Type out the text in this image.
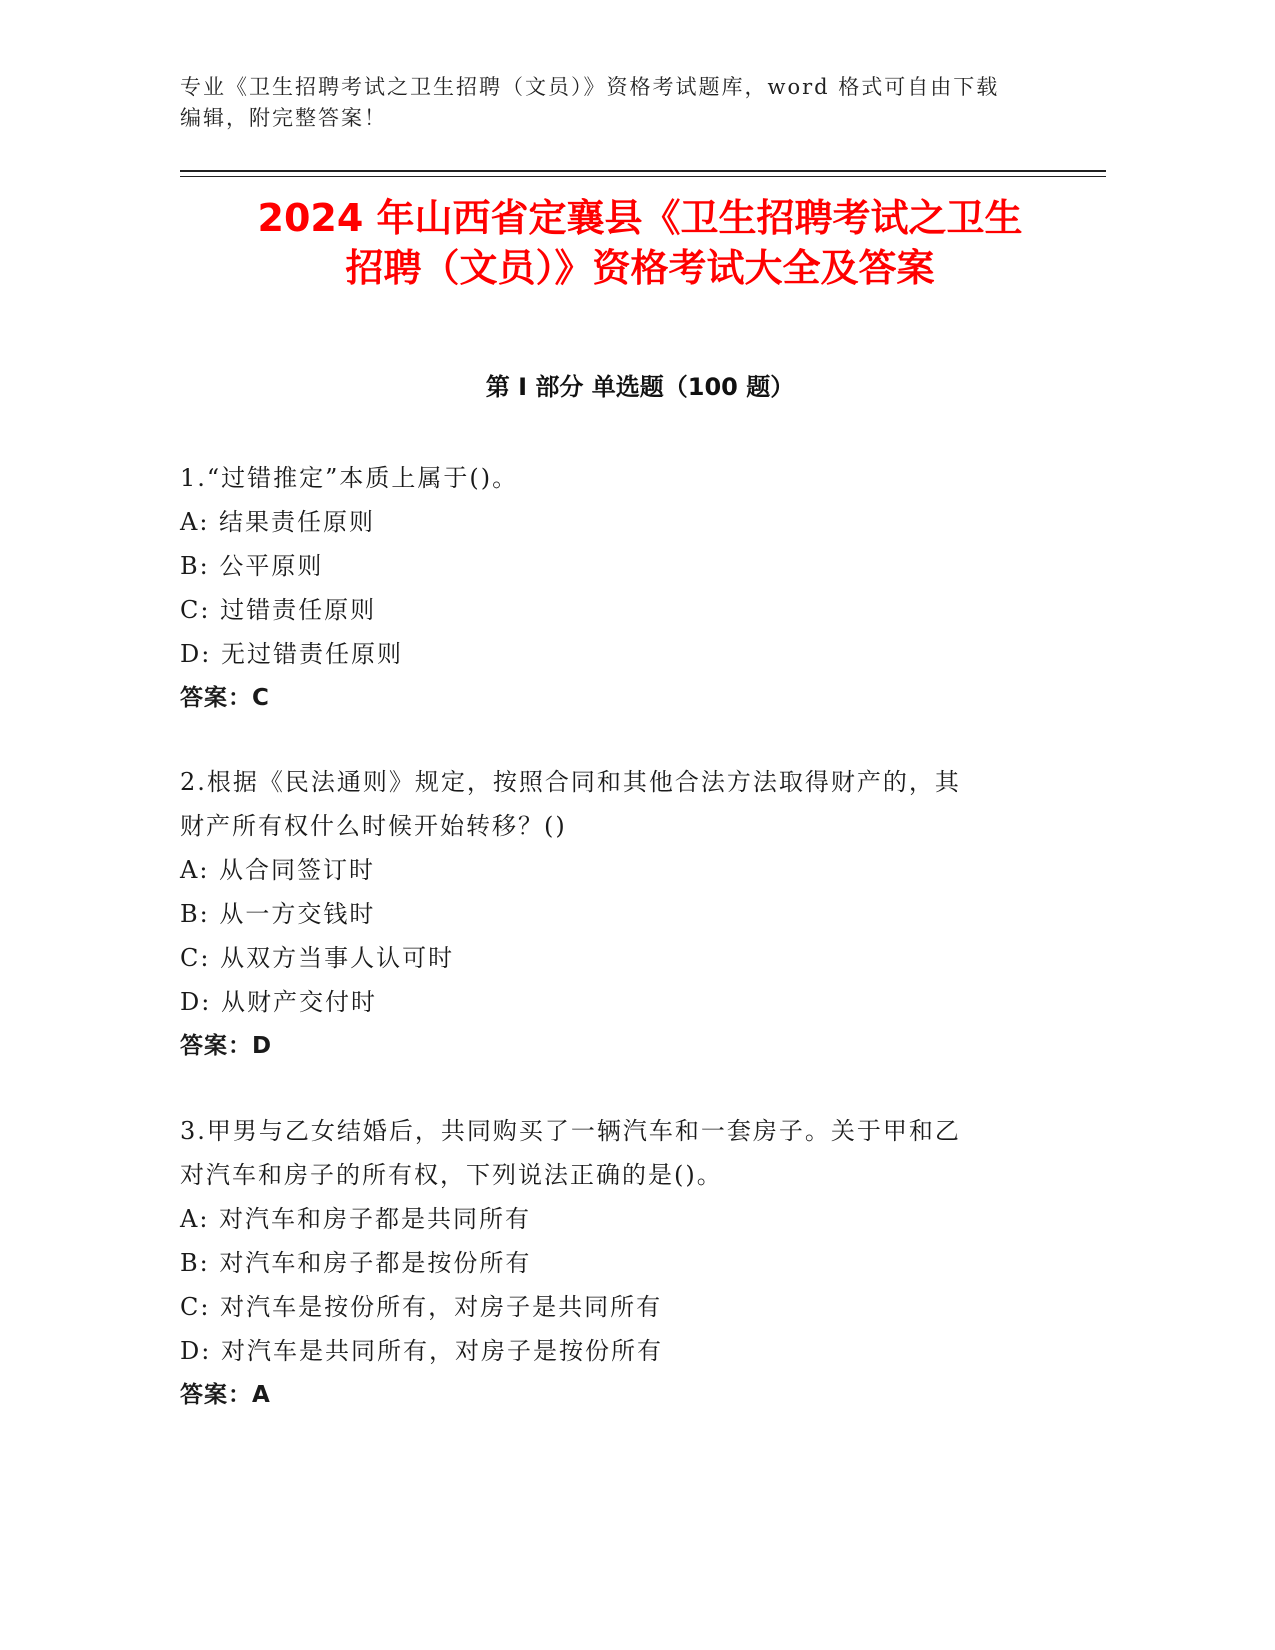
专业《卫生招聘考试之卫生招聘（文员）》资格考试题库，word 格式可自由下载
编辑，附完整答案！
2024 年山西省定襄县《卫生招聘考试之卫生
招聘（文员）》资格考试大全及答案
第 I 部分 单选题（100 题）
1.“过错推定”本质上属于()。
A: 结果责任原则
B: 公平原则
C: 过错责任原则
D: 无过错责任原则
答案：C
2.根据《民法通则》规定，按照合同和其他合法方法取得财产的，其
财产所有权什么时候开始转移？()
A: 从合同签订时
B: 从一方交钱时
C: 从双方当事人认可时
D: 从财产交付时
答案：D
3.甲男与乙女结婚后，共同购买了一辆汽车和一套房子。关于甲和乙
对汽车和房子的所有权，下列说法正确的是()。
A: 对汽车和房子都是共同所有
B: 对汽车和房子都是按份所有
C: 对汽车是按份所有，对房子是共同所有
D: 对汽车是共同所有，对房子是按份所有
答案：A
